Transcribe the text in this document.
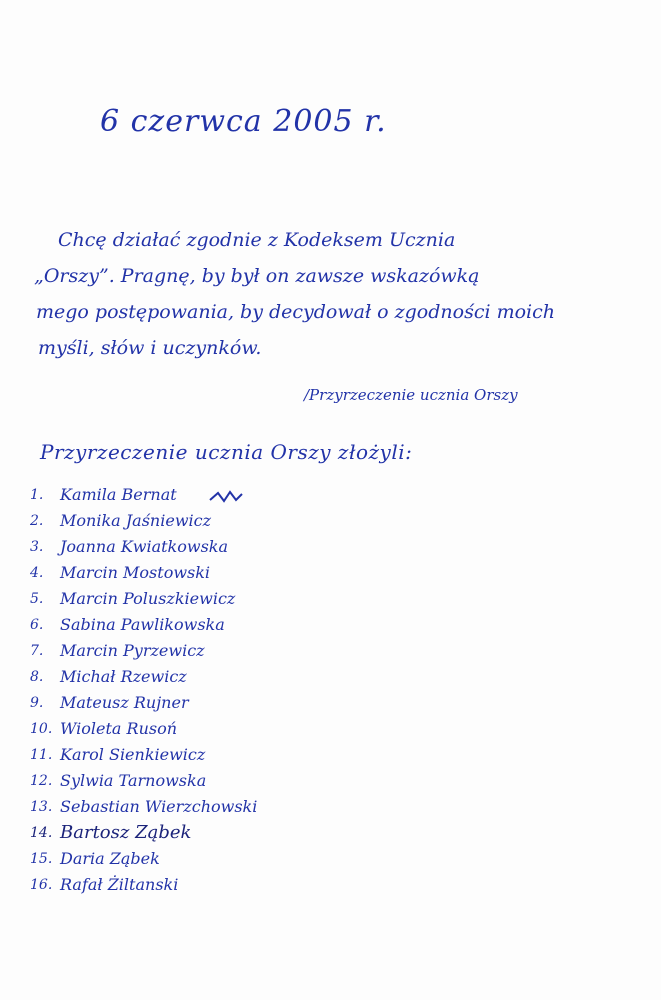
6 czerwca 2005 r.
Chcę działać zgodnie z Kodeksem Ucznia
„Orszy”. Pragnę, by był on zawsze wskazówką
mego postępowania, by decydował o zgodności moich
myśli, słów i uczynków.
/Przyrzeczenie ucznia Orszy
Przyrzeczenie ucznia Orszy złożyli:
1.	Kamila Bernat
2.	Monika Jaśniewicz
3.	Joanna Kwiatkowska
4.	Marcin Mostowski
5.	Marcin Poluszkiewicz
6.	Sabina Pawlikowska
7.	Marcin Pyrzewicz
8.	Michał Rzewicz
9.	Mateusz Rujner
10. Wioleta Rusoń
11. Karol Sienkiewicz
12. Sylwia Tarnowska
13. Sebastian Wierzchowski
14. Bartosz Ząbek
15. Daria Ząbek
16. Rafał Żiltanski
